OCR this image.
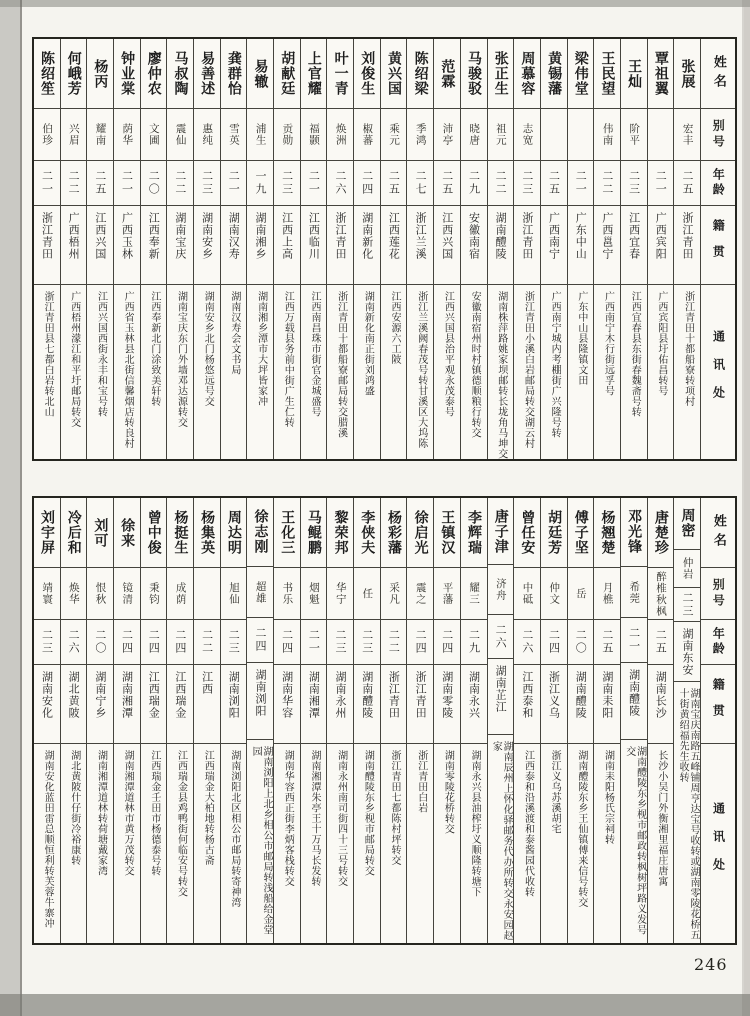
姓名
别号
年龄
籍贯
通讯处
张展
宏丰
二五
浙江青田
浙江青田十都船寮转项村
覃祖翼
二一
广西宾阳
广西宾阳县圩佑昌转号
王灿
阶平
二三
江西宜春
江西宜春县东街春魏斋号转
王民望
伟南
二二
广西邕宁
广西南宁木行街远孚号
梁伟堂
二一
广东中山
广东中山县隆镇文田
黄锡藩
二五
广西南宁
广西南宁城内考棚街广兴隆号转
周慕容
志宽
二三
浙江青田
浙江青田小溪白岩邮局转交湖云村
张正生
祖元
二二
湖南醴陵
湖南株萍路姚家坝邮转长垅角马坤交
马骏驳
晓唐
二九
安徽南宿
安徽南宿州时村镇德顺粮行转交
范霖
沛亭
二五
江西兴国
江西兴国县治平观永茂泰号
陈绍梁
季鸿
二七
浙江兰溪
浙江兰溪阙春茂号转甘溪区大坞陈
黄兴国
乘元
二五
江西莲花
江西安源六工陂
刘俊生
椒蕃
二四
湖南新化
湖南新化南正街刘鸿盛
叶一青
焕洲
二六
浙江青田
浙江青田十都船寮邮局转交腊溪
上官耀
福颢
二一
江西临川
江西南昌珠市街官金城盛号
胡献廷
贡勋
二三
江西上高
江西万载县务前中街广生仁转
易辙
浦生
一九
湖南湘乡
湖南湘乡潭市大坪皆家冲
龚群怡
雪英
二一
湖南汉寿
湖南汉寿会文书局
易善述
惠纯
二三
湖南安乡
湖南安乡北门杨悠远号交
马叔陶
震仙
二二
湖南宝庆
湖南宝庆东门外墙邓达源转交
廖仲农
文圃
二〇
江西奉新
江西奉新北门涂致美轩转
钟业棠
荫华
二一
广西玉林
广西省玉林县北街信馨烟店转良村
杨丙
耀南
二五
江西兴国
江西兴国西街永丰和宝号转
何峨芳
兴眉
二二
广西梧州
广西梧州濛江和平圩邮局转交
陈绍笙
伯珍
二一
浙江青田
浙江青田县七都白岩转北山
姓名
别号
年龄
籍贯
通讯处
周密
仲岩
二三
湖南东安
湖南宝庆南路五峰铺周亨达宝号收转或湖南零陵花桥五十街黄绍福先生收转
唐楚珍
醉椎秋枫
二五
湖南长沙
长沙小吴门外衡湘里福庄唐寓
邓光锋
希莞
二一
湖南醴陵
湖南醴陵东乡枧市邮政转枫树坪路义发号交
杨翘楚
月樵
二五
湖南耒阳
湖南耒阳杨氏宗祠转
傅子坚
岳
二〇
湖南醴陵
湖南醴陵东乡王仙镇傅来信号转交
胡廷芳
仲文
二四
浙江义乌
浙江义乌苏溪胡宅
曾任安
中砥
二六
江西泰和
江西泰和沿溪渡和泰酱园代收转
唐子津
济舟
二六
湖南芷江
湖南辰州上怀化驿邮务代办所转交永安园赵家
李辉瑞
耀三
二九
湖南永兴
湖南永兴县油榨圩义顺隆转塘下
王镇汉
平藩
二四
湖南零陵
湖南零陵花桥转交
徐启光
震之
二四
浙江青田
浙江青田白岩
杨彩藩
采凡
二二
浙江青田
浙江青田七都陈村坪转交
李侠夫
任
二三
湖南醴陵
湖南醴陵东乡枧市邮局转交
黎荣邦
华宁
二三
湖南永州
湖南永州南司街四十三号转交
马鲲鹏
烟魁
二一
湖南湘潭
湖南湘潭朱亭王十万马长发转
王化三
书乐
二四
湖南华容
湖南华容西正街李炳客栈转交
徐志刚
超雄
二四
湖南浏阳
湖南浏阳上北乡相公市邮局转浅船给金堂园
周达明
旭仙
二三
湖南浏阳
湖南浏阳北区相公市邮局转寄神湾
杨集英
二二
江西
江西瑞金大柏地转杨古斋
杨挺生
成荫
二四
江西瑞金
江西瑞金县鸡鸭街何临安号转交
曾中俊
秉钧
二四
江西瑞金
江西瑞金壬田市杨德泰号转
徐来
镜清
二四
湖南湘潭
湖南湘潭道林市黄万茂转交
刘可
恨秋
二〇
湖南宁乡
湖南湘潭道林转荷塘戴家湾
冷后和
焕华
二六
湖北黄陂
湖北黄陂什仔街冷裕康转
刘宇屏
靖寰
二三
湖南安化
湖南安化蓝田雷总顺恒利转芙蓉牛寨冲
246
